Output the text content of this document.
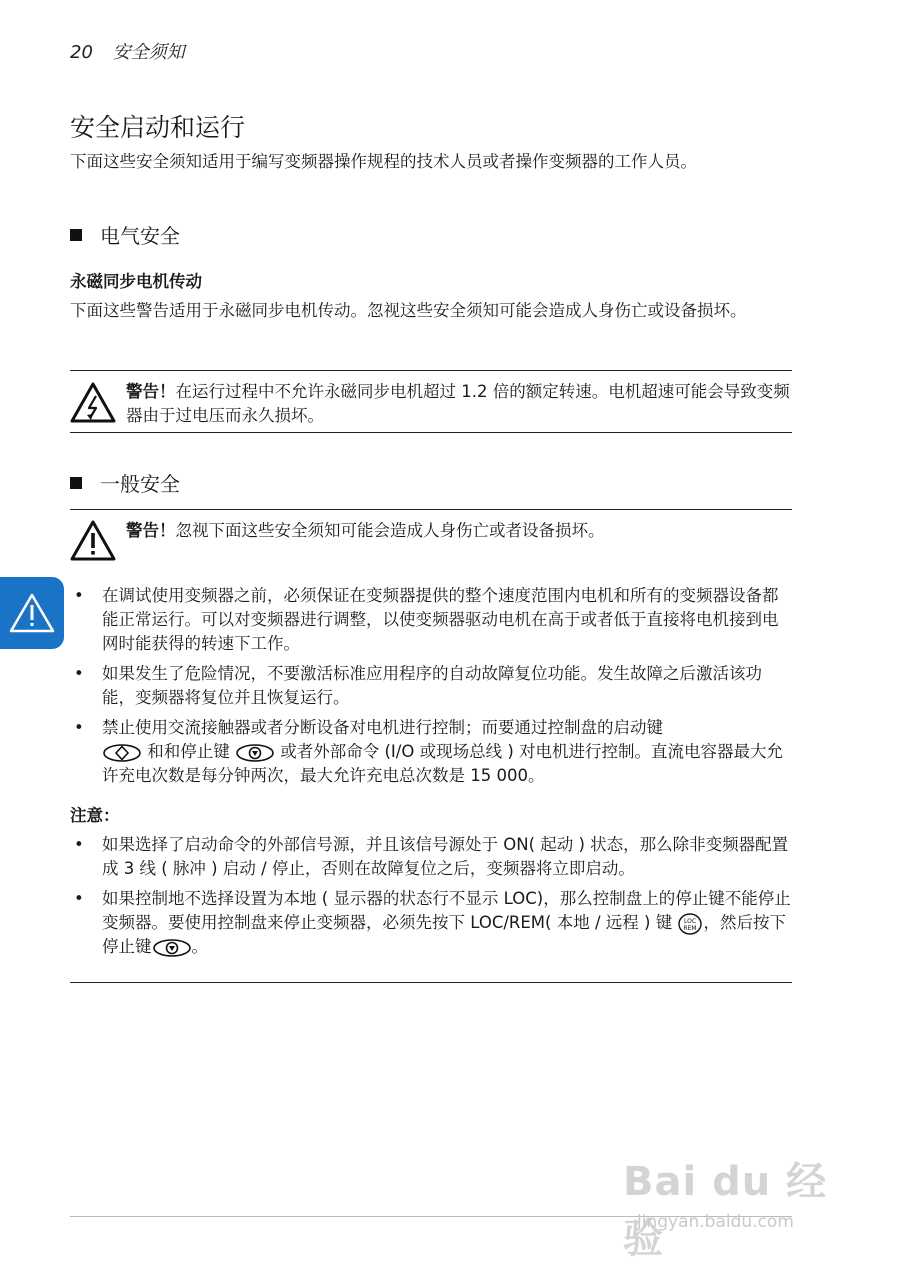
20 安全须知
安全启动和运行
下面这些安全须知适用于编写变频器操作规程的技术人员或者操作变频器的工作人员。
电气安全
永磁同步电机传动
下面这些警告适用于永磁同步电机传动。忽视这些安全须知可能会造成人身伤亡或设备损坏。
警告！在运行过程中不允许永磁同步电机超过 1.2 倍的额定转速。电机超速可能会导致变频器由于过电压而永久损坏。
一般安全
警告！忽视下面这些安全须知可能会造成人身伤亡或者设备损坏。
• 在调试使用变频器之前，必须保证在变频器提供的整个速度范围内电机和所有的变频器设备都能正常运行。可以对变频器进行调整，以使变频器驱动电机在高于或者低于直接将电机接到电网时能获得的转速下工作。
• 如果发生了危险情况，不要激活标准应用程序的自动故障复位功能。发生故障之后激活该功能，变频器将复位并且恢复运行。
• 禁止使用交流接触器或者分断设备对电机进行控制；而要通过控制盘的启动键
和和停止键	或者外部命令 (I/O 或现场总线 ) 对电机进行控制。直流电容器最大允许充电次数是每分钟两次，最大允许充电总次数是 15 000。
注意：
• 如果选择了启动命令的外部信号源，并且该信号源处于 ON( 起动 ) 状态，那么除非变频器配置成 3 线 ( 脉冲 ) 启动 / 停止，否则在故障复位之后，变频器将立即启动。
• 如果控制地不选择设置为本地 ( 显示器的状态行不显示 LOC)，那么控制盘上的停止键不能停止变频器。要使用控制盘来停止变频器，必须先按下 LOC/REM( 本地 / 远程 ) 键 LOC
REM ，然后按下停止键 。
Bai du 经验
jingyan.baidu.com
